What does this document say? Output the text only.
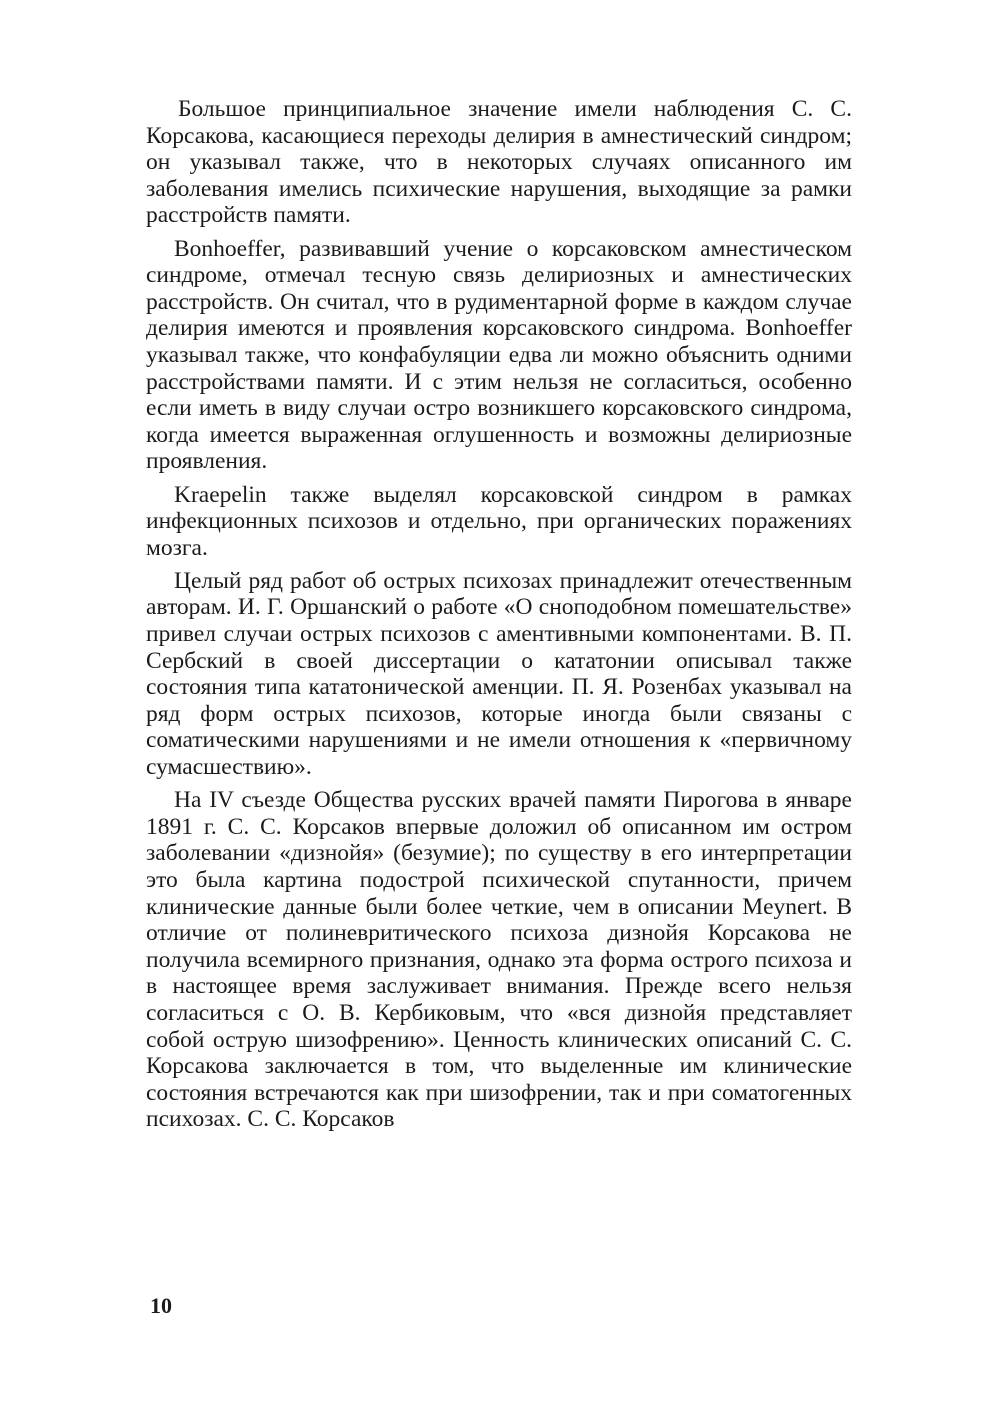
Большое принципиальное значение имели наблюдения С. С. Корсакова, касающиеся переходы делирия в амнестический синдром; он указывал также, что в некоторых случаях описанного им заболевания имелись психические нарушения, выходящие за рамки расстройств памяти.

Bonhoeffer, развивавший учение о корсаковском амнестическом синдроме, отмечал тесную связь делириозных и амнестических расстройств. Он считал, что в рудиментарной форме в каждом случае делирия имеются и проявления корсаковского синдрома. Bonhoeffer указывал также, что конфабуляции едва ли можно объяснить одними расстройствами памяти. И с этим нельзя не согласиться, особенно если иметь в виду случаи остро возникшего корсаковского синдрома, когда имеется выраженная оглушенность и возможны делириозные проявления.

Kraepelin также выделял корсаковской синдром в рамках инфекционных психозов и отдельно, при органических поражениях мозга.

Целый ряд работ об острых психозах принадлежит отечественным авторам. И. Г. Оршанский о работе «О сноподобном помешательстве» привел случаи острых психозов с аментивными компонентами. В. П. Сербский в своей диссертации о кататонии описывал также состояния типа кататонической аменции. П. Я. Розенбах указывал на ряд форм острых психозов, которые иногда были связаны с соматическими нарушениями и не имели отношения к «первичному сумасшествию».

На IV съезде Общества русских врачей памяти Пирогова в январе 1891 г. С. С. Корсаков впервые доложил об описанном им остром заболевании «дизнойя» (безумие); по существу в его интерпретации это была картина подострой психической спутанности, причем клинические данные были более четкие, чем в описании Meynert. В отличие от полиневритического психоза дизнойя Корсакова не получила всемирного признания, однако эта форма острого психоза и в настоящее время заслуживает внимания. Прежде всего нельзя согласиться с О. В. Кербиковым, что «вся дизнойя представляет собой острую шизофрению». Ценность клинических описаний С. С. Корсакова заключается в том, что выделенные им клинические состояния встречаются как при шизофрении, так и при соматогенных психозах. С. С. Корсаков

10
